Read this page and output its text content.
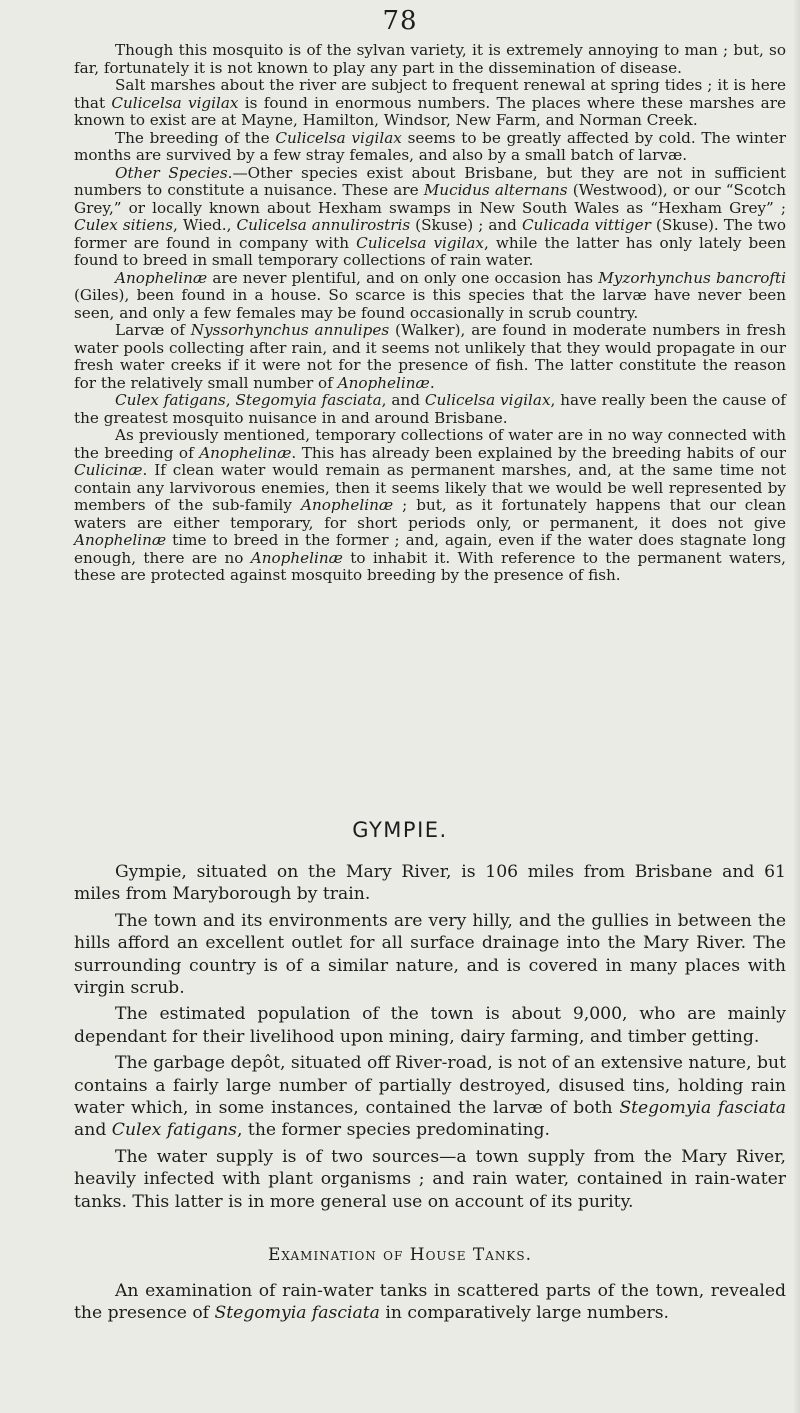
78

Though this mosquito is of the sylvan variety, it is extremely annoying to man ; but, so far, fortunately it is not known to play any part in the dissemination of disease.

Salt marshes about the river are subject to frequent renewal at spring tides ; it is here that Culicelsa vigilax is found in enormous numbers. The places where these marshes are known to exist are at Mayne, Hamilton, Windsor, New Farm, and Norman Creek.

The breeding of the Culicelsa vigilax seems to be greatly affected by cold. The winter months are survived by a few stray females, and also by a small batch of larvæ.

Other Species.—Other species exist about Brisbane, but they are not in sufficient numbers to constitute a nuisance. These are Mucidus alternans (Westwood), or our “Scotch Grey,” or locally known about Hexham swamps in New South Wales as “Hexham Grey” ; Culex sitiens, Wied., Culicelsa annulirostris (Skuse) ; and Culicada vittiger (Skuse). The two former are found in company with Culicelsa vigilax, while the latter has only lately been found to breed in small temporary collections of rain water.

Anophelinæ are never plentiful, and on only one occasion has Myzorhynchus bancrofti (Giles), been found in a house. So scarce is this species that the larvæ have never been seen, and only a few females may be found occasionally in scrub country.

Larvæ of Nyssorhynchus annulipes (Walker), are found in moderate numbers in fresh water pools collecting after rain, and it seems not unlikely that they would propagate in our fresh water creeks if it were not for the presence of fish. The latter constitute the reason for the relatively small number of Anophelinæ.

Culex fatigans, Stegomyia fasciata, and Culicelsa vigilax, have really been the cause of the greatest mosquito nuisance in and around Brisbane.

As previously mentioned, temporary collections of water are in no way connected with the breeding of Anophelinæ. This has already been explained by the breeding habits of our Culicinæ. If clean water would remain as permanent marshes, and, at the same time not contain any larvivorous enemies, then it seems likely that we would be well represented by members of the sub-family Anophelinæ ; but, as it fortunately happens that our clean waters are either temporary, for short periods only, or permanent, it does not give Anophelinæ time to breed in the former ; and, again, even if the water does stagnate long enough, there are no Anophelinæ to inhabit it. With reference to the permanent waters, these are protected against mosquito breeding by the presence of fish.

GYMPIE.

Gympie, situated on the Mary River, is 106 miles from Brisbane and 61 miles from Maryborough by train.

The town and its environments are very hilly, and the gullies in between the hills afford an excellent outlet for all surface drainage into the Mary River. The surrounding country is of a similar nature, and is covered in many places with virgin scrub.

The estimated population of the town is about 9,000, who are mainly dependant for their livelihood upon mining, dairy farming, and timber getting.

The garbage depôt, situated off River-road, is not of an extensive nature, but contains a fairly large number of partially destroyed, disused tins, holding rain water which, in some instances, contained the larvæ of both Stegomyia fasciata and Culex fatigans, the former species predominating.

The water supply is of two sources—a town supply from the Mary River, heavily infected with plant organisms ; and rain water, contained in rain-water tanks. This latter is in more general use on account of its purity.

Examination of House Tanks.

An examination of rain-water tanks in scattered parts of the town, revealed the presence of Stegomyia fasciata in comparatively large numbers.
